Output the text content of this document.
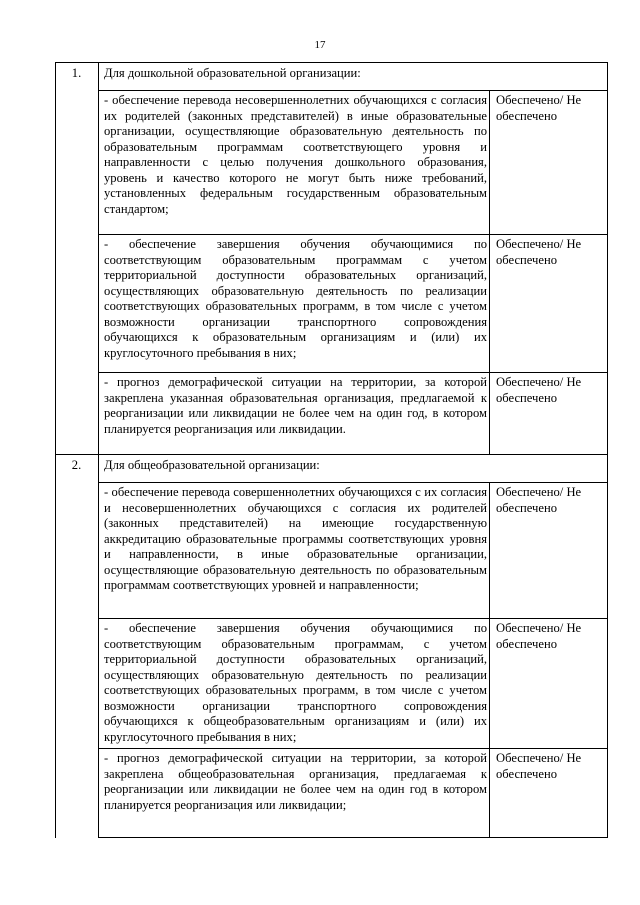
17
1.	Для дошкольной образовательной организации:
- обеспечение перевода несовершеннолетних обучающихся с согласия их родителей (законных представителей) в иные образовательные организации, осуществляющие образовательную деятельность по образовательным программам соответствующего уровня и направленности с целью получения дошкольного образования, уровень и качество которого не могут быть ниже требований, установленных федеральным государственным образовательным стандартом;
Обеспечено/ Не обеспечено
- обеспечение завершения обучения обучающимися по соответствующим образовательным программам с учетом территориальной доступности образовательных организаций, осуществляющих образовательную деятельность по реализации соответствующих образовательных программ, в том числе с учетом возможности организации транспортного сопровождения обучающихся к образовательным организациям и (или) их круглосуточного пребывания в них;
Обеспечено/ Не обеспечено
- прогноз демографической ситуации на территории, за которой закреплена указанная образовательная организация, предлагаемой к реорганизации или ликвидации не более чем на один год, в котором планируется реорганизация или ликвидации.
Обеспечено/ Не обеспечено
2.	Для общеобразовательной организации:
- обеспечение перевода совершеннолетних обучающихся с их согласия и несовершеннолетних обучающихся с согласия их родителей (законных представителей) на имеющие государственную аккредитацию образовательные программы соответствующих уровня и направленности, в иные образовательные организации, осуществляющие образовательную деятельность по образовательным программам соответствующих уровней и направленности;
Обеспечено/ Не обеспечено
- обеспечение завершения обучения обучающимися по соответствующим образовательным программам, с учетом территориальной доступности образовательных организаций, осуществляющих образовательную деятельность по реализации соответствующих образовательных программ, в том числе с учетом возможности организации транспортного сопровождения обучающихся к общеобразовательным организациям и (или) их круглосуточного пребывания в них;
Обеспечено/ Не обеспечено
- прогноз демографической ситуации на территории, за которой закреплена общеобразовательная организация, предлагаемая к реорганизации или ликвидации не более чем на один год в котором планируется реорганизация или ликвидации;
Обеспечено/ Не обеспечено
